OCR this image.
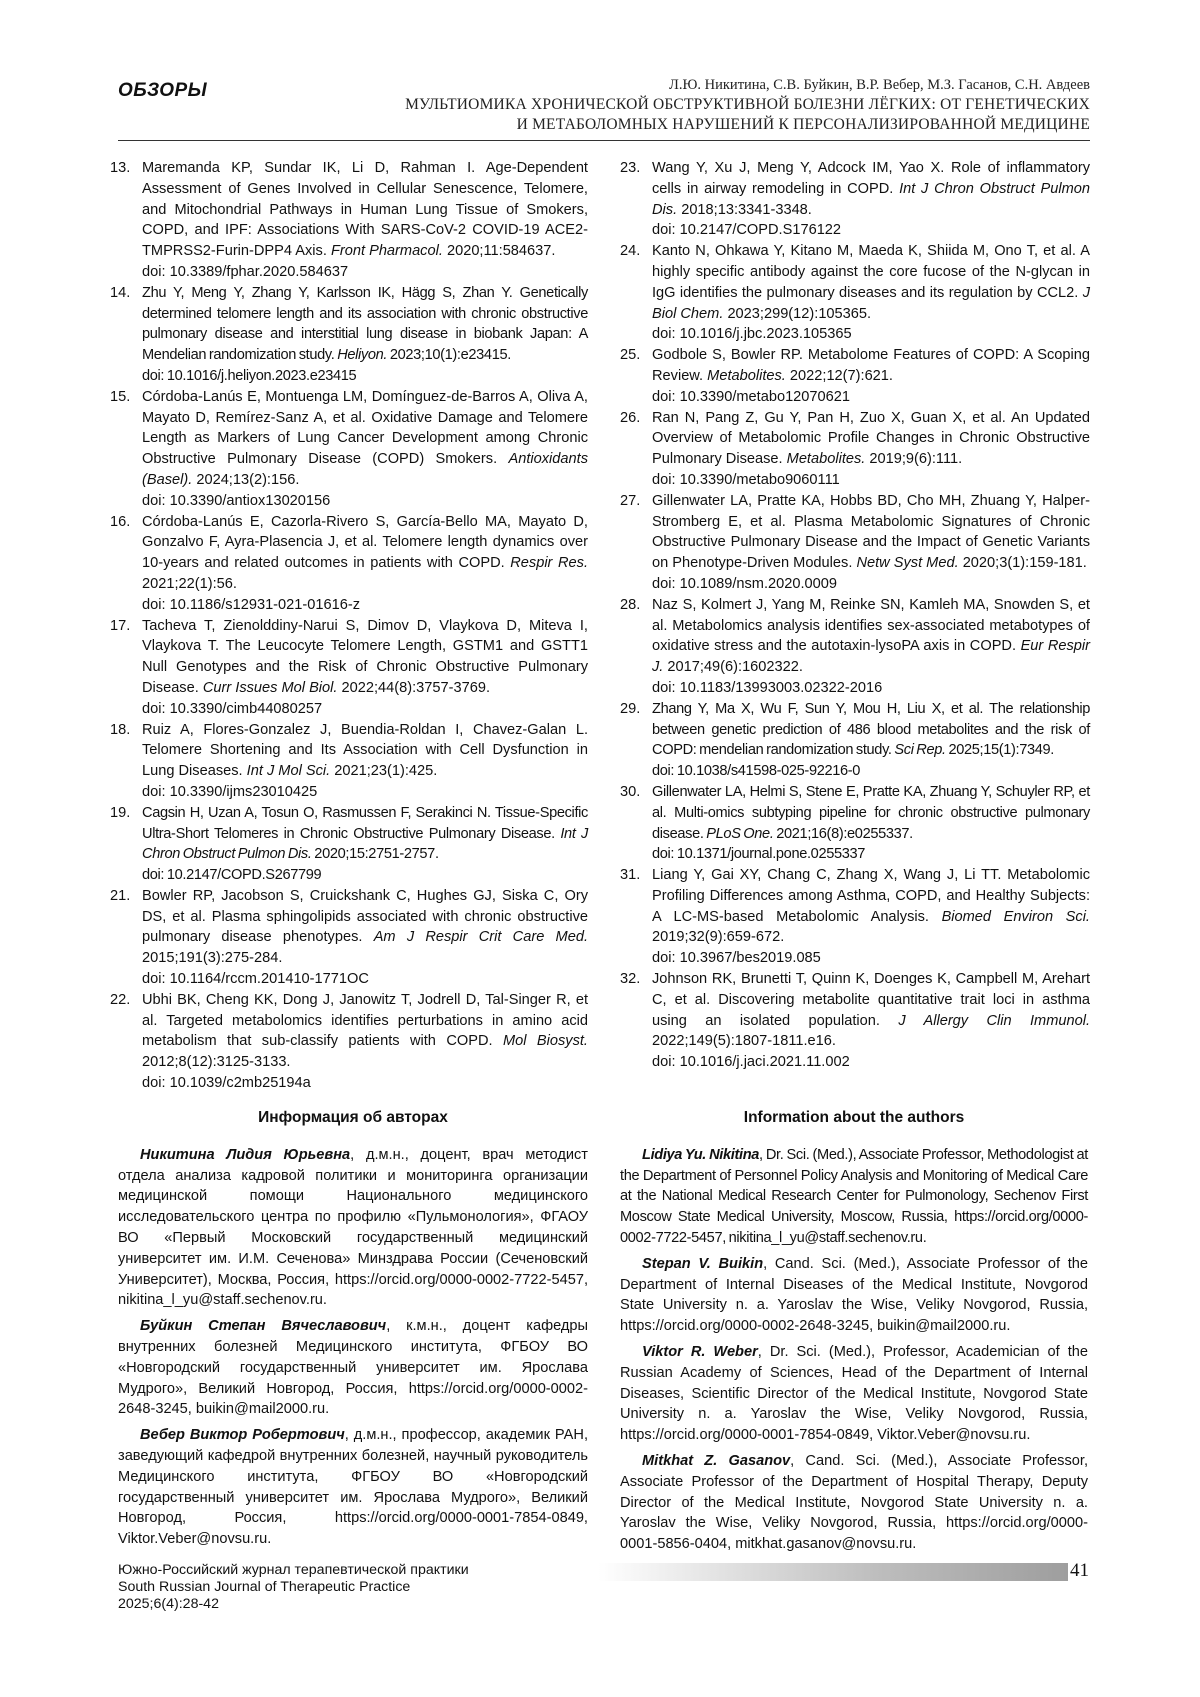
ОБЗОРЫ	Л.Ю. Никитина, С.В. Буйкин, В.Р. Вебер, М.З. Гасанов, С.Н. Авдеев
МУЛЬТИОМИКА ХРОНИЧЕСКОЙ ОБСТРУКТИВНОЙ БОЛЕЗНИ ЛЁГКИХ: ОТ ГЕНЕТИЧЕСКИХ
И МЕТАБОЛОМНЫХ НАРУШЕНИЙ К ПЕРСОНАЛИЗИРОВАННОЙ МЕДИЦИНЕ
13. Maremanda KP, Sundar IK, Li D, Rahman I. Age-Dependent Assessment of Genes Involved in Cellular Senescence, Telomere, and Mitochondrial Pathways in Human Lung Tissue of Smokers, COPD, and IPF: Associations With SARS-CoV-2 COVID-19 ACE2-TMPRSS2-Furin-DPP4 Axis. Front Pharmacol. 2020;11:584637.
doi: 10.3389/fphar.2020.584637
14. Zhu Y, Meng Y, Zhang Y, Karlsson IK, Hägg S, Zhan Y. Genetically determined telomere length and its association with chronic obstructive pulmonary disease and interstitial lung disease in biobank Japan: A Mendelian randomization study. Heliyon. 2023;10(1):e23415.
doi: 10.1016/j.heliyon.2023.e23415
15. Córdoba-Lanús E, Montuenga LM, Domínguez-de-Barros A, Oliva A, Mayato D, Remírez-Sanz A, et al. Oxidative Damage and Telomere Length as Markers of Lung Cancer Development among Chronic Obstructive Pulmonary Disease (COPD) Smokers. Antioxidants (Basel). 2024;13(2):156.
doi: 10.3390/antiox13020156
16. Córdoba-Lanús E, Cazorla-Rivero S, García-Bello MA, Mayato D, Gonzalvo F, Ayra-Plasencia J, et al. Telomere length dynamics over 10-years and related outcomes in patients with COPD. Respir Res. 2021;22(1):56.
doi: 10.1186/s12931-021-01616-z
17. Tacheva T, Zienolddiny-Narui S, Dimov D, Vlaykova D, Miteva I, Vlaykova T. The Leucocyte Telomere Length, GSTM1 and GSTT1 Null Genotypes and the Risk of Chronic Obstructive Pulmonary Disease. Curr Issues Mol Biol. 2022;44(8):3757-3769.
doi: 10.3390/cimb44080257
18. Ruiz A, Flores-Gonzalez J, Buendia-Roldan I, Chavez-Galan L. Telomere Shortening and Its Association with Cell Dysfunction in Lung Diseases. Int J Mol Sci. 2021;23(1):425.
doi: 10.3390/ijms23010425
19. Cagsin H, Uzan A, Tosun O, Rasmussen F, Serakinci N. Tissue-Specific Ultra-Short Telomeres in Chronic Obstructive Pulmonary Disease. Int J Chron Obstruct Pulmon Dis. 2020;15:2751-2757.
doi: 10.2147/COPD.S267799
21. Bowler RP, Jacobson S, Cruickshank C, Hughes GJ, Siska C, Ory DS, et al. Plasma sphingolipids associated with chronic obstructive pulmonary disease phenotypes. Am J Respir Crit Care Med. 2015;191(3):275-284.
doi: 10.1164/rccm.201410-1771OC
22. Ubhi BK, Cheng KK, Dong J, Janowitz T, Jodrell D, Tal-Singer R, et al. Targeted metabolomics identifies perturbations in amino acid metabolism that sub-classify patients with COPD. Mol Biosyst. 2012;8(12):3125-3133.
doi: 10.1039/c2mb25194a
23. Wang Y, Xu J, Meng Y, Adcock IM, Yao X. Role of inflammatory cells in airway remodeling in COPD. Int J Chron Obstruct Pulmon Dis. 2018;13:3341-3348.
doi: 10.2147/COPD.S176122
24. Kanto N, Ohkawa Y, Kitano M, Maeda K, Shiida M, Ono T, et al. A highly specific antibody against the core fucose of the N-glycan in IgG identifies the pulmonary diseases and its regulation by CCL2. J Biol Chem. 2023;299(12):105365.
doi: 10.1016/j.jbc.2023.105365
25. Godbole S, Bowler RP. Metabolome Features of COPD: A Scoping Review. Metabolites. 2022;12(7):621.
doi: 10.3390/metabo12070621
26. Ran N, Pang Z, Gu Y, Pan H, Zuo X, Guan X, et al. An Updated Overview of Metabolomic Profile Changes in Chronic Obstructive Pulmonary Disease. Metabolites. 2019;9(6):111.
doi: 10.3390/metabo9060111
27. Gillenwater LA, Pratte KA, Hobbs BD, Cho MH, Zhuang Y, Halper-Stromberg E, et al. Plasma Metabolomic Signatures of Chronic Obstructive Pulmonary Disease and the Impact of Genetic Variants on Phenotype-Driven Modules. Netw Syst Med. 2020;3(1):159-181.
doi: 10.1089/nsm.2020.0009
28. Naz S, Kolmert J, Yang M, Reinke SN, Kamleh MA, Snowden S, et al. Metabolomics analysis identifies sex-associated metabotypes of oxidative stress and the autotaxin-lysoPA axis in COPD. Eur Respir J. 2017;49(6):1602322.
doi: 10.1183/13993003.02322-2016
29. Zhang Y, Ma X, Wu F, Sun Y, Mou H, Liu X, et al. The relationship between genetic prediction of 486 blood metabolites and the risk of COPD: mendelian randomization study. Sci Rep. 2025;15(1):7349.
doi: 10.1038/s41598-025-92216-0
30. Gillenwater LA, Helmi S, Stene E, Pratte KA, Zhuang Y, Schuyler RP, et al. Multi-omics subtyping pipeline for chronic obstructive pulmonary disease. PLoS One. 2021;16(8):e0255337.
doi: 10.1371/journal.pone.0255337
31. Liang Y, Gai XY, Chang C, Zhang X, Wang J, Li TT. Metabolomic Profiling Differences among Asthma, COPD, and Healthy Subjects: A LC-MS-based Metabolomic Analysis. Biomed Environ Sci. 2019;32(9):659-672.
doi: 10.3967/bes2019.085
32. Johnson RK, Brunetti T, Quinn K, Doenges K, Campbell M, Arehart C, et al. Discovering metabolite quantitative trait loci in asthma using an isolated population. J Allergy Clin Immunol. 2022;149(5):1807-1811.e16.
doi: 10.1016/j.jaci.2021.11.002
Информация об авторах

Никитина Лидия Юрьевна, д.м.н., доцент, врач методист отдела анализа кадровой политики и мониторинга организации медицинской помощи Национального медицинского исследовательского центра по профилю «Пульмонология», ФГАОУ ВО «Первый Московский государственный медицинский университет им. И.М. Сеченова» Минздрава России (Сеченовский Университет), Москва, Россия, https://orcid.org/0000-0002-7722-5457, nikitina_l_yu@staff.sechenov.ru.

Буйкин Степан Вячеславович, к.м.н., доцент кафедры внутренних болезней Медицинского института, ФГБОУ ВО «Новгородский государственный университет им. Ярослава Мудрого», Великий Новгород, Россия, https://orcid.org/0000-0002-2648-3245, buikin@mail2000.ru.

Вебер Виктор Робертович, д.м.н., профессор, академик РАН, заведующий кафедрой внутренних болезней, научный руководитель Медицинского института, ФГБОУ ВО «Новгородский государственный университет им. Ярослава Мудрого», Великий Новгород, Россия, https://orcid.org/0000-0001-7854-0849, Viktor.Veber@novsu.ru.

Information about the authors

Lidiya Yu. Nikitina, Dr. Sci. (Med.), Associate Professor, Methodologist at the Department of Personnel Policy Analysis and Monitoring of Medical Care at the National Medical Research Center for Pulmonology, Sechenov First Moscow State Medical University, Moscow, Russia, https://orcid.org/0000-0002-7722-5457, nikitina_l_yu@staff.sechenov.ru.

Stepan V. Buikin, Cand. Sci. (Med.), Associate Professor of the Department of Internal Diseases of the Medical Institute, Novgorod State University n. a. Yaroslav the Wise, Veliky Novgorod, Russia, https://orcid.org/0000-0002-2648-3245, buikin@mail2000.ru.

Viktor R. Weber, Dr. Sci. (Med.), Professor, Academician of the Russian Academy of Sciences, Head of the Department of Internal Diseases, Scientific Director of the Medical Institute, Novgorod State University n. a. Yaroslav the Wise, Veliky Novgorod, Russia, https://orcid.org/0000-0001-7854-0849, Viktor.Veber@novsu.ru.

Mitkhat Z. Gasanov, Cand. Sci. (Med.), Associate Professor, Associate Professor of the Department of Hospital Therapy, Deputy Director of the Medical Institute, Novgorod State University n. a. Yaroslav the Wise, Veliky Novgorod, Russia, https://orcid.org/0000-0001-5856-0404, mitkhat.gasanov@novsu.ru.

Южно-Российский журнал терапевтической практики
South Russian Journal of Therapeutic Practice
2025;6(4):28-42
41
